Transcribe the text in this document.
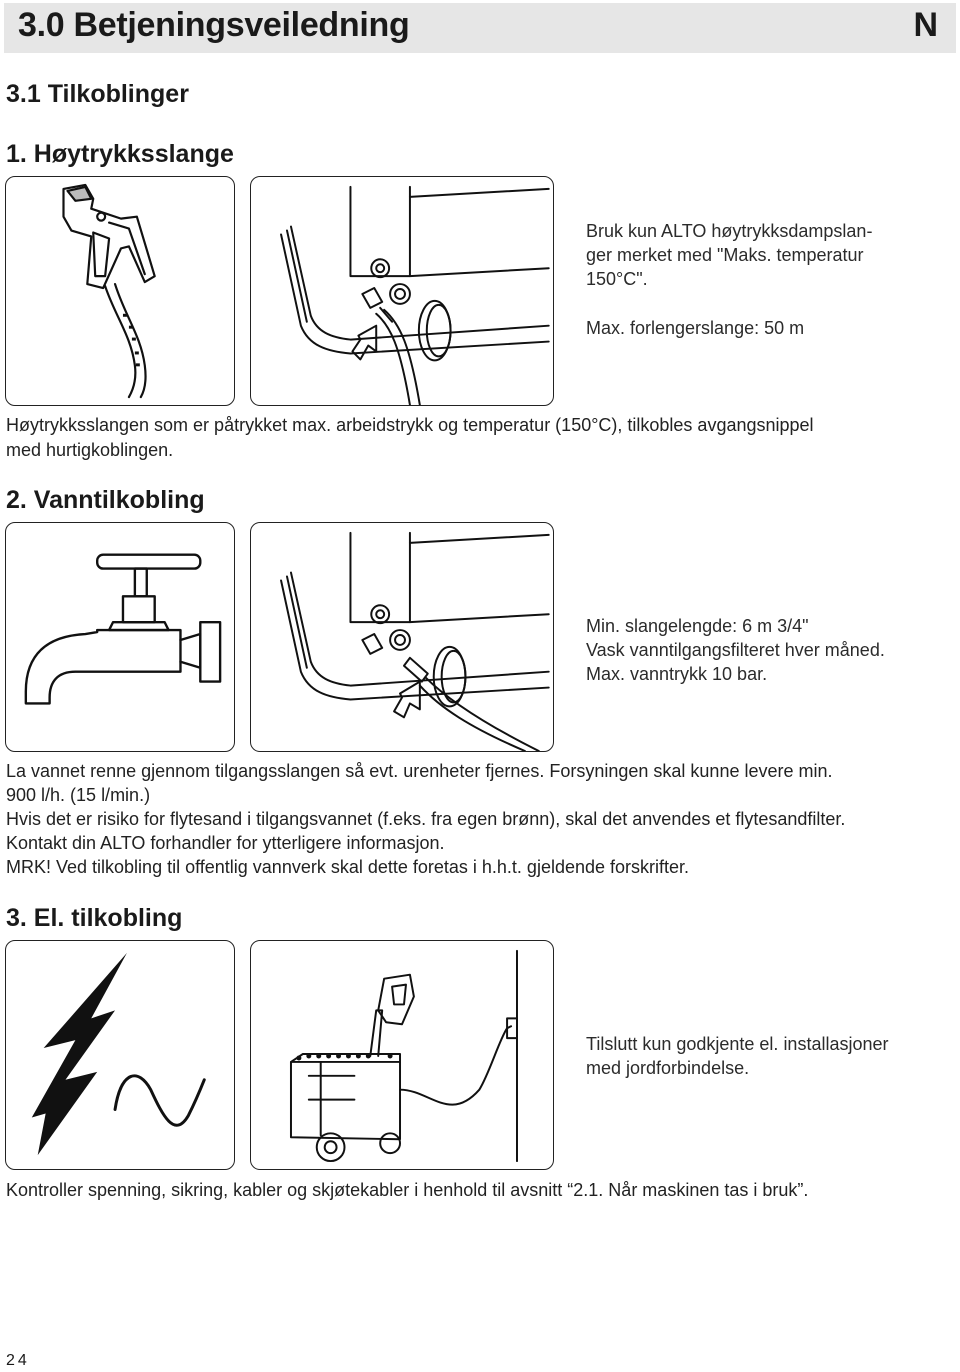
3.0 Betjeningsveiledning	N
3.1 Tilkoblinger
1. Høytrykksslange
Bruk kun ALTO høytrykksdampslan-
ger merket med "Maks. temperatur
150°C".
Max. forlengerslange: 50 m
Høytrykksslangen som er påtrykket max. arbeidstrykk og temperatur (150°C), tilkobles avgangsnippel
med hurtigkoblingen.
2. Vanntilkobling
Min. slangelengde: 6 m 3/4"
Vask vanntilgangsfilteret hver måned.
Max. vanntrykk 10 bar.
La vannet renne gjennom tilgangsslangen så evt. urenheter fjernes. Forsyningen skal kunne levere min.
900 l/h. (15 l/min.)
Hvis det er risiko for flytesand i tilgangsvannet (f.eks. fra egen brønn), skal det anvendes et flytesandfilter.
Kontakt din ALTO forhandler for ytterligere informasjon.
MRK! Ved tilkobling til offentlig vannverk skal dette foretas i h.h.t. gjeldende forskrifter.
3. El. tilkobling
Tilslutt kun godkjente el. installasjoner
med jordforbindelse.
Kontroller spenning, sikring, kabler og skjøtekabler i henhold til avsnitt “2.1. Når maskinen tas i bruk”.
24
